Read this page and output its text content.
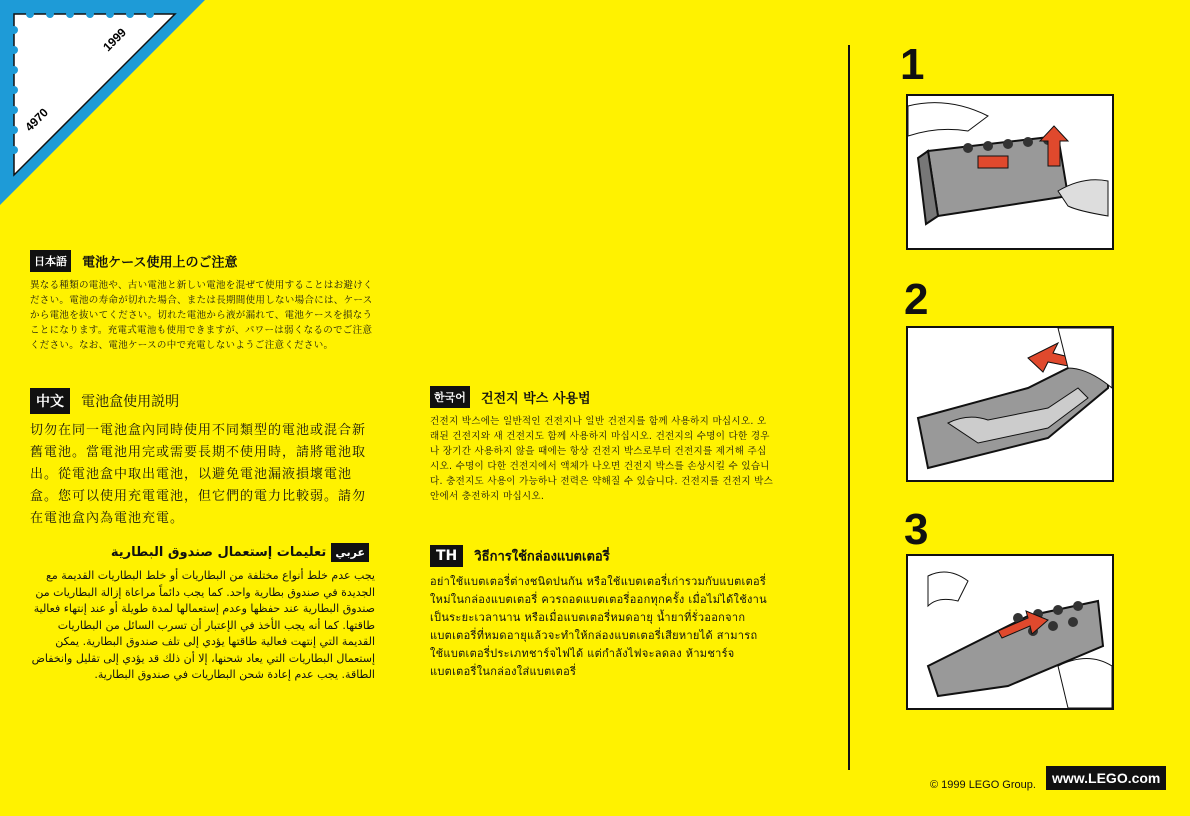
1999
4970
日本語 電池ケース使用上のご注意
異なる種類の電池や、古い電池と新しい電池を混ぜて使用することはお避けください。電池の寿命が切れた場合、または長期間使用しない場合には、ケースから電池を抜いてください。切れた電池から液が漏れて、電池ケースを損なうことになります。充電式電池も使用できますが、パワーは弱くなるのでご注意ください。なお、電池ケースの中で充電しないようご注意ください。
中文 電池盒使用説明
切勿在同一電池盒內同時使用不同類型的電池或混合新舊電池。當電池用完或需要長期不使用時，請將電池取出。從電池盒中取出電池，以避免電池漏液損壞電池盒。您可以使用充電電池，但它們的電力比較弱。請勿在電池盒內為電池充電。
한국어 건전지 박스 사용법
건전지 박스에는 일반적인 건전지나 일반 건전지를 함께 사용하지 마십시오. 오래된 건전지와 새 건전지도 함께 사용하지 마십시오. 건전지의 수명이 다한 경우나 장기간 사용하지 않을 때에는 항상 건전지 박스로부터 건전지를 제거해 주십시오. 수명이 다한 건전지에서 액체가 나오면 건전지 박스를 손상시킬 수 있습니다. 충전지도 사용이 가능하나 전력은 약해질 수 있습니다. 건전지를 건전지 박스 안에서 충전하지 마십시오.
عربي تعليمات إستعمال صندوق البطارية
يجب عدم خلط أنواع مختلفة من البطاريات أو خلط البطاريات القديمة مع الجديدة في صندوق بطارية واحد. كما يجب دائماً مراعاة إزالة البطاريات من صندوق البطارية عند حفظها وعدم إستعمالها لمدة طويلة أو عند إنتهاء فعالية طاقتها. كما أنه يجب الأخذ في الإعتبار أن تسرب السائل من البطاريات القديمة التي إنتهت فعالية طاقتها يؤدي إلى تلف صندوق البطارية. يمكن إستعمال البطاريات التي يعاد شحنها، إلا أن ذلك قد يؤدي إلى تقليل وانخفاض الطاقة. يجب عدم إعادة شحن البطاريات في صندوق البطارية.
TH วิธีการใช้กล่องแบตเตอรี่
อย่าใช้แบตเตอรี่ต่างชนิดปนกัน หรือใช้แบตเตอรี่เก่ารวมกับแบตเตอรี่ใหม่ในกล่องแบตเตอรี่ ควรถอดแบตเตอรี่ออกทุกครั้ง เมื่อไม่ได้ใช้งานเป็นระยะเวลานาน หรือเมื่อแบตเตอรี่หมดอายุ น้ำยาที่รั่วออกจากแบตเตอรี่ที่หมดอายุแล้วจะทำให้กล่องแบตเตอรี่เสียหายได้ สามารถใช้แบตเตอรี่ประเภทชาร์จไฟได้ แต่กำลังไฟจะลดลง ห้ามชาร์จแบตเตอรี่ในกล่องใส่แบตเตอรี่
1
2
3
© 1999 LEGO Group.	www.LEGO.com
